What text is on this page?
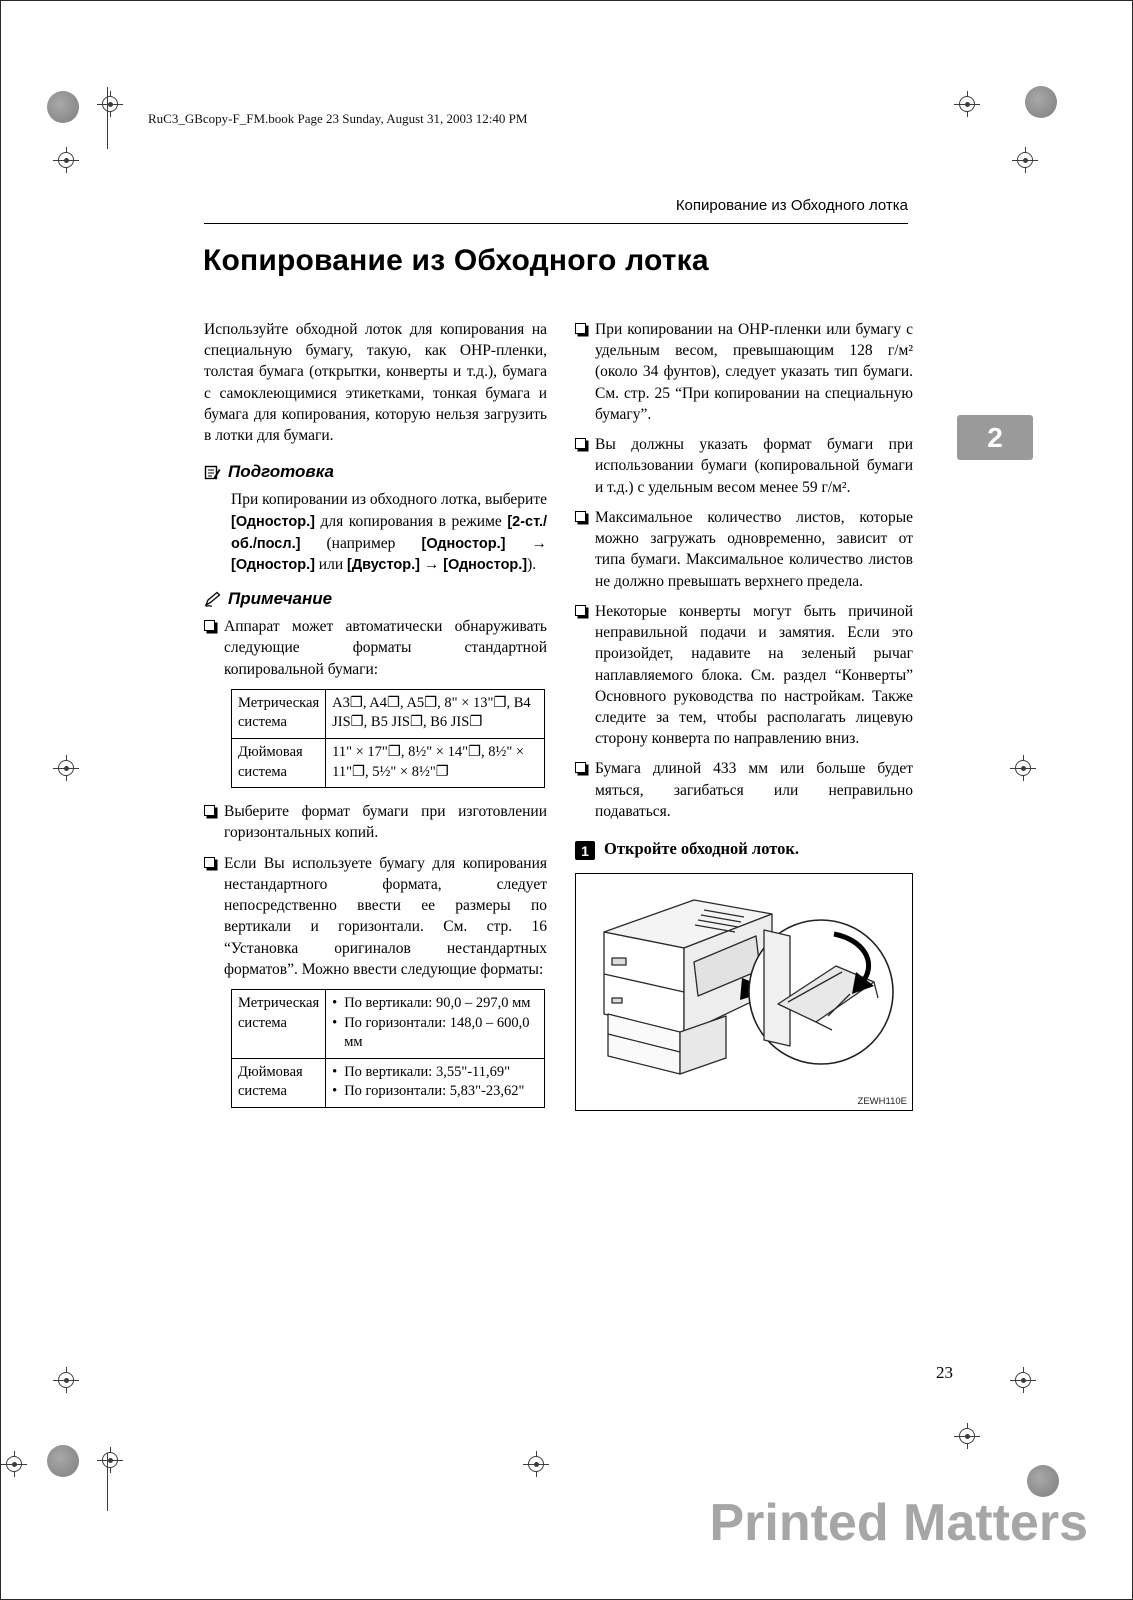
RuC3_GBcopy-F_FM.book Page 23 Sunday, August 31, 2003 12:40 PM
Копирование из Обходного лотка
Копирование из Обходного лотка
2

Используйте обходной лоток для копирования на специальную бумагу, такую, как OHP-пленки, толстая бумага (открытки, конверты и т.д.), бумага с самоклеющимися этикетками, тонкая бумага и бумага для копирования, которую нельзя загрузить в лотки для бумаги.

Подготовка

При копировании из обходного лотка, выберите [Одностор.] для копирования в режиме [2-ст./об./посл.] (например [Одностор.] → [Одностор.] или [Двустор.] → [Одностор.]).

Примечание
Аппарат может автоматически обнаруживать следующие форматы стандартной копировальной бумаги:
Метрическая система	A3❐, A4❐, A5❐, 8" × 13"❐, B4 JIS❐, B5 JIS❐, B6 JIS❐
Дюймовая система	11" × 17"❐, 8½" × 14"❐, 8½" × 11"❐, 5½" × 8½"❐
Выберите формат бумаги при изготовлении горизонтальных копий.
Если Вы используете бумагу для копирования нестандартного формата, следует непосредственно ввести ее размеры по вертикали и горизонтали. См. стр. 16 “Установка оригиналов нестандартных форматов”. Можно ввести следующие форматы:
Метрическая система	• По вертикали: 90,0 – 297,0 мм
• По горизонтали: 148,0 – 600,0 мм

Дюймовая система	• По вертикали: 3,55"-11,69"
• По горизонтали: 5,83"-23,62"
При копировании на OHP-пленки или бумагу с удельным весом, превышающим 128 г/м² (около 34 фунтов), следует указать тип бумаги. См. стр. 25 “При копировании на специальную бумагу”.
Вы должны указать формат бумаги при использовании бумаги (копировальной бумаги и т.д.) с удельным весом менее 59 г/м².
Максимальное количество листов, которые можно загружать одновременно, зависит от типа бумаги. Максимальное количество листов не должно превышать верхнего предела.
Некоторые конверты могут быть причиной неправильной подачи и замятия. Если это произойдет, надавите на зеленый рычаг наплавляемого блока. См. раздел “Конверты” Основного руководства по настройкам. Также следите за тем, чтобы располагать лицевую сторону конверта по направлению вниз.
Бумага длиной 433 мм или больше будет мяться, загибаться или неправильно подаваться.
1 Откройте обходной лоток.
ZEWH110E
23
Printed Matters
